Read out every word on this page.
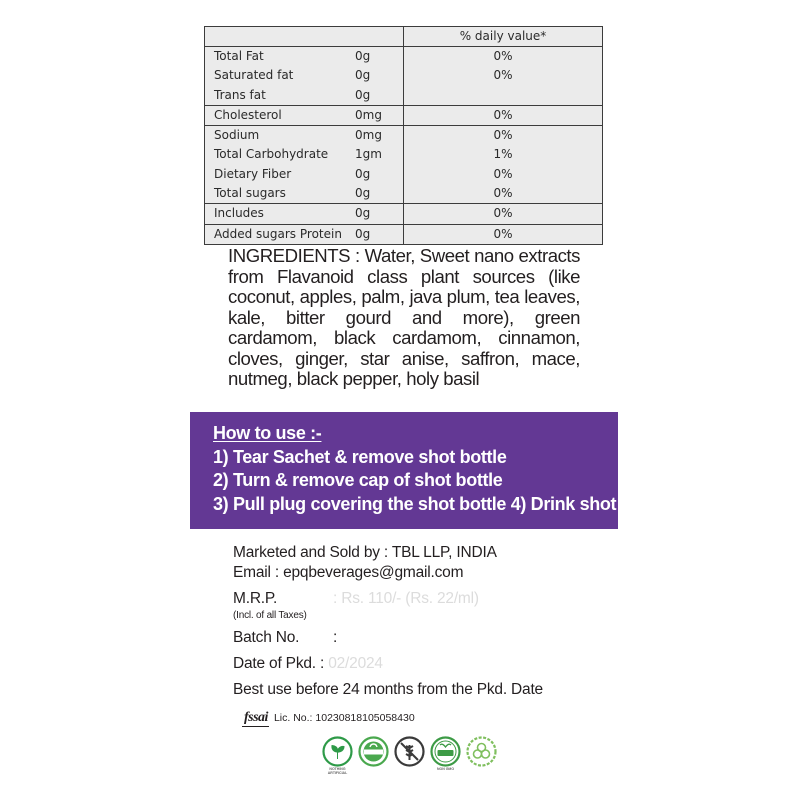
% daily value*
Total Fat	0g	0%
Saturated fat	0g	0%
Trans fat	0g
Cholesterol	0mg	0%
Sodium	0mg	0%
Total Carbohydrate	1gm	1%
Dietary Fiber	0g	0%
Total sugars	0g	0%
Includes	0g	0%
Added sugars Protein	0g	0%

INGREDIENTS : Water, Sweet nano extracts from Flavanoid class plant sources (like coconut, apples, palm, java plum, tea leaves, kale, bitter gourd and more), green cardamom, black cardamom, cinnamon, cloves, ginger, star anise, saffron, mace, nutmeg, black pepper, holy basil

How to use :-
1) Tear Sachet & remove shot bottle
2) Turn & remove cap of shot bottle
3) Pull plug covering the shot bottle 4) Drink shot
Marketed and Sold by : TBL LLP, INDIA
Email : epqbeverages@gmail.com
M.R.P.	: Rs. 110/- (Rs. 22/ml)
(Incl. of all Taxes)
Batch No.	:
Date of Pkd. : 02/2024
Best use before 24 months from the Pkd. Date
fssai Lic. No.: 10230818105058430
NOTHING ARTIFICIAL
NON GMO
